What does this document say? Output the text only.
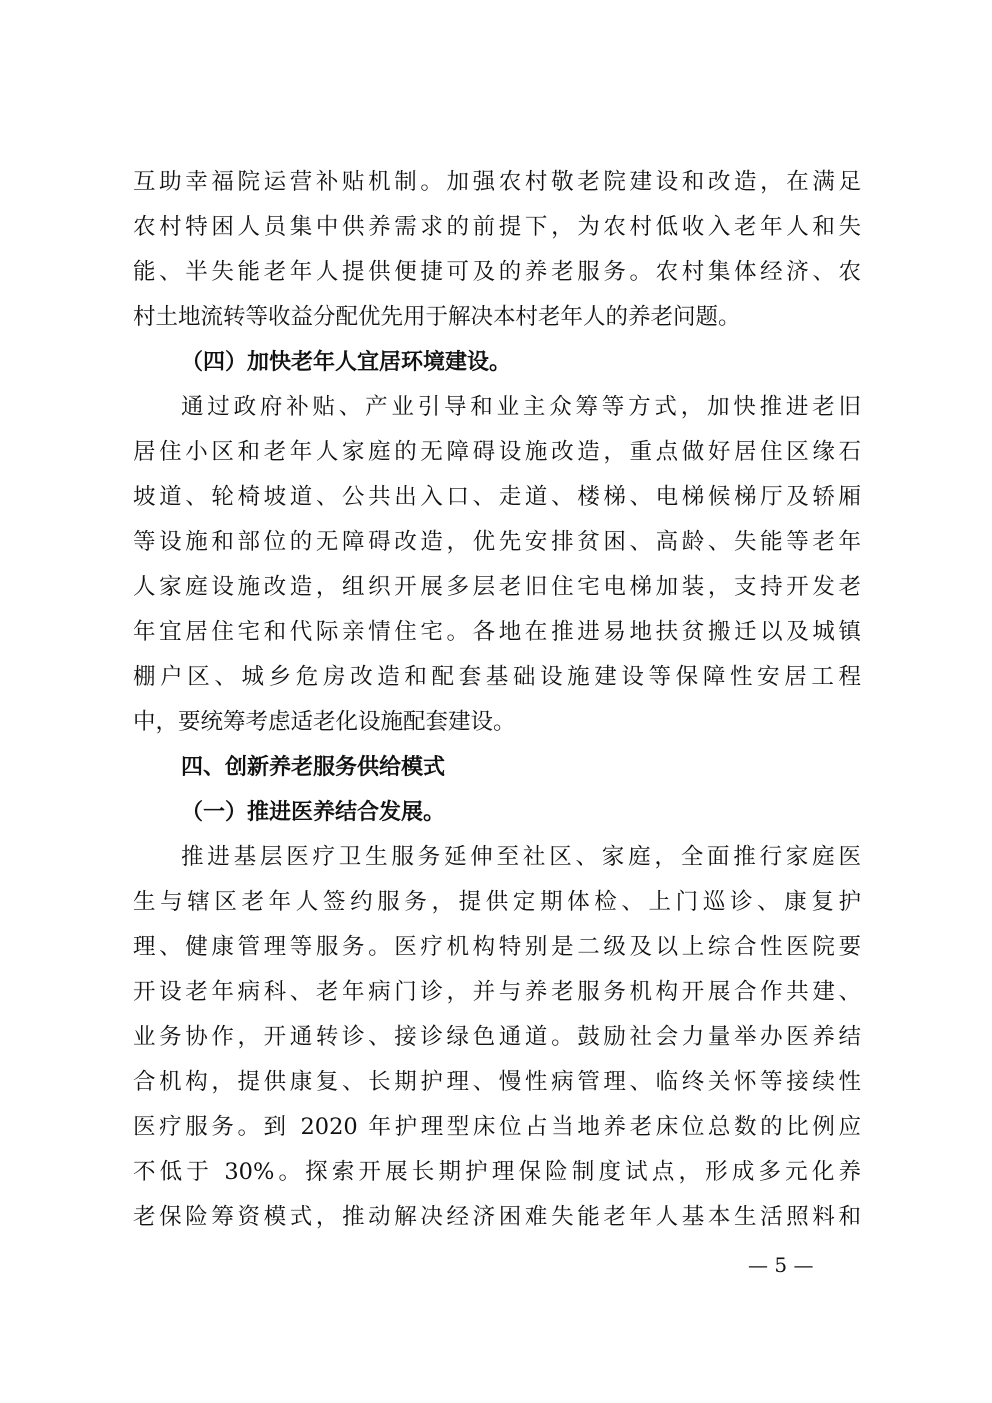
互助幸福院运营补贴机制。加强农村敬老院建设和改造，在满足
农村特困人员集中供养需求的前提下，为农村低收入老年人和失
能、半失能老年人提供便捷可及的养老服务。农村集体经济、农
村土地流转等收益分配优先用于解决本村老年人的养老问题。

（四）加快老年人宜居环境建设。

通过政府补贴、产业引导和业主众筹等方式，加快推进老旧
居住小区和老年人家庭的无障碍设施改造，重点做好居住区缘石
坡道、轮椅坡道、公共出入口、走道、楼梯、电梯候梯厅及轿厢
等设施和部位的无障碍改造，优先安排贫困、高龄、失能等老年
人家庭设施改造，组织开展多层老旧住宅电梯加装，支持开发老
年宜居住宅和代际亲情住宅。各地在推进易地扶贫搬迁以及城镇
棚户区、城乡危房改造和配套基础设施建设等保障性安居工程
中，要统筹考虑适老化设施配套建设。

四、创新养老服务供给模式

（一）推进医养结合发展。

推进基层医疗卫生服务延伸至社区、家庭，全面推行家庭医
生与辖区老年人签约服务，提供定期体检、上门巡诊、康复护
理、健康管理等服务。医疗机构特别是二级及以上综合性医院要
开设老年病科、老年病门诊，并与养老服务机构开展合作共建、
业务协作，开通转诊、接诊绿色通道。鼓励社会力量举办医养结
合机构，提供康复、长期护理、慢性病管理、临终关怀等接续性
医疗服务。到 2020 年护理型床位占当地养老床位总数的比例应
不低于 30%。探索开展长期护理保险制度试点，形成多元化养
老保险筹资模式，推动解决经济困难失能老年人基本生活照料和

— 5 —
